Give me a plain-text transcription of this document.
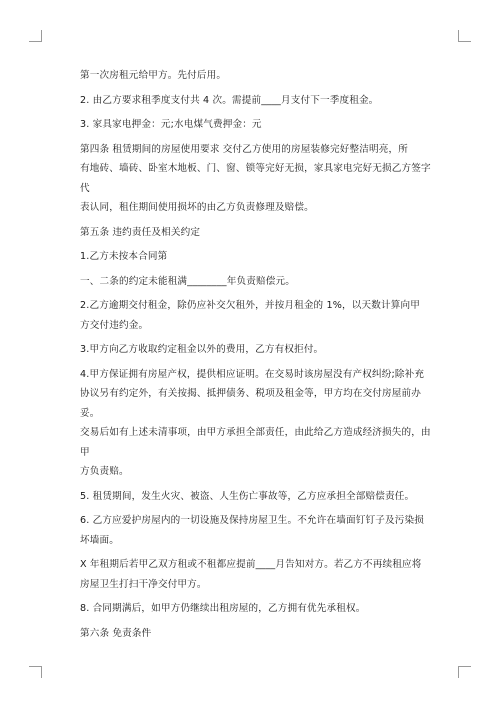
第一次房租元给甲方。先付后用。
2. 由乙方要求租季度支付共 4 次。需提前____月支付下一季度租金。
3. 家具家电押金：元;水电煤气费押金：元
第四条 租赁期间的房屋使用要求 交付乙方使用的房屋装修完好整洁明亮，所
有地砖、墙砖、卧室木地板、门、窗、锁等完好无损，家具家电完好无损乙方签字代
表认同，租住期间使用损坏的由乙方负责修理及赔偿。
第五条 违约责任及相关约定
1.乙方未按本合同第
一、二条的约定未能租满________年负责赔偿元。
2.乙方逾期交付租金，除仍应补交欠租外，并按月租金的 1%，以天数计算向甲
方交付违约金。
3.甲方向乙方收取约定租金以外的费用，乙方有权拒付。
4.甲方保证拥有房屋产权，提供相应证明。在交易时该房屋没有产权纠纷;除补充
协议另有约定外，有关按揭、抵押债务、税项及租金等，甲方均在交付房屋前办妥。
交易后如有上述未清事项，由甲方承担全部责任，由此给乙方造成经济损失的，由甲
方负责赔。
5. 租赁期间，发生火灾、被盗、人生伤亡事故等，乙方应承担全部赔偿责任。
6. 乙方应爱护房屋内的一切设施及保持房屋卫生。不允许在墙面钉钉子及污染损
坏墙面。
X 年租期后若甲乙双方租或不租都应提前____月告知对方。若乙方不再续租应将
房屋卫生打扫干净交付甲方。
8. 合同期满后，如甲方仍继续出租房屋的，乙方拥有优先承租权。
第六条 免责条件
